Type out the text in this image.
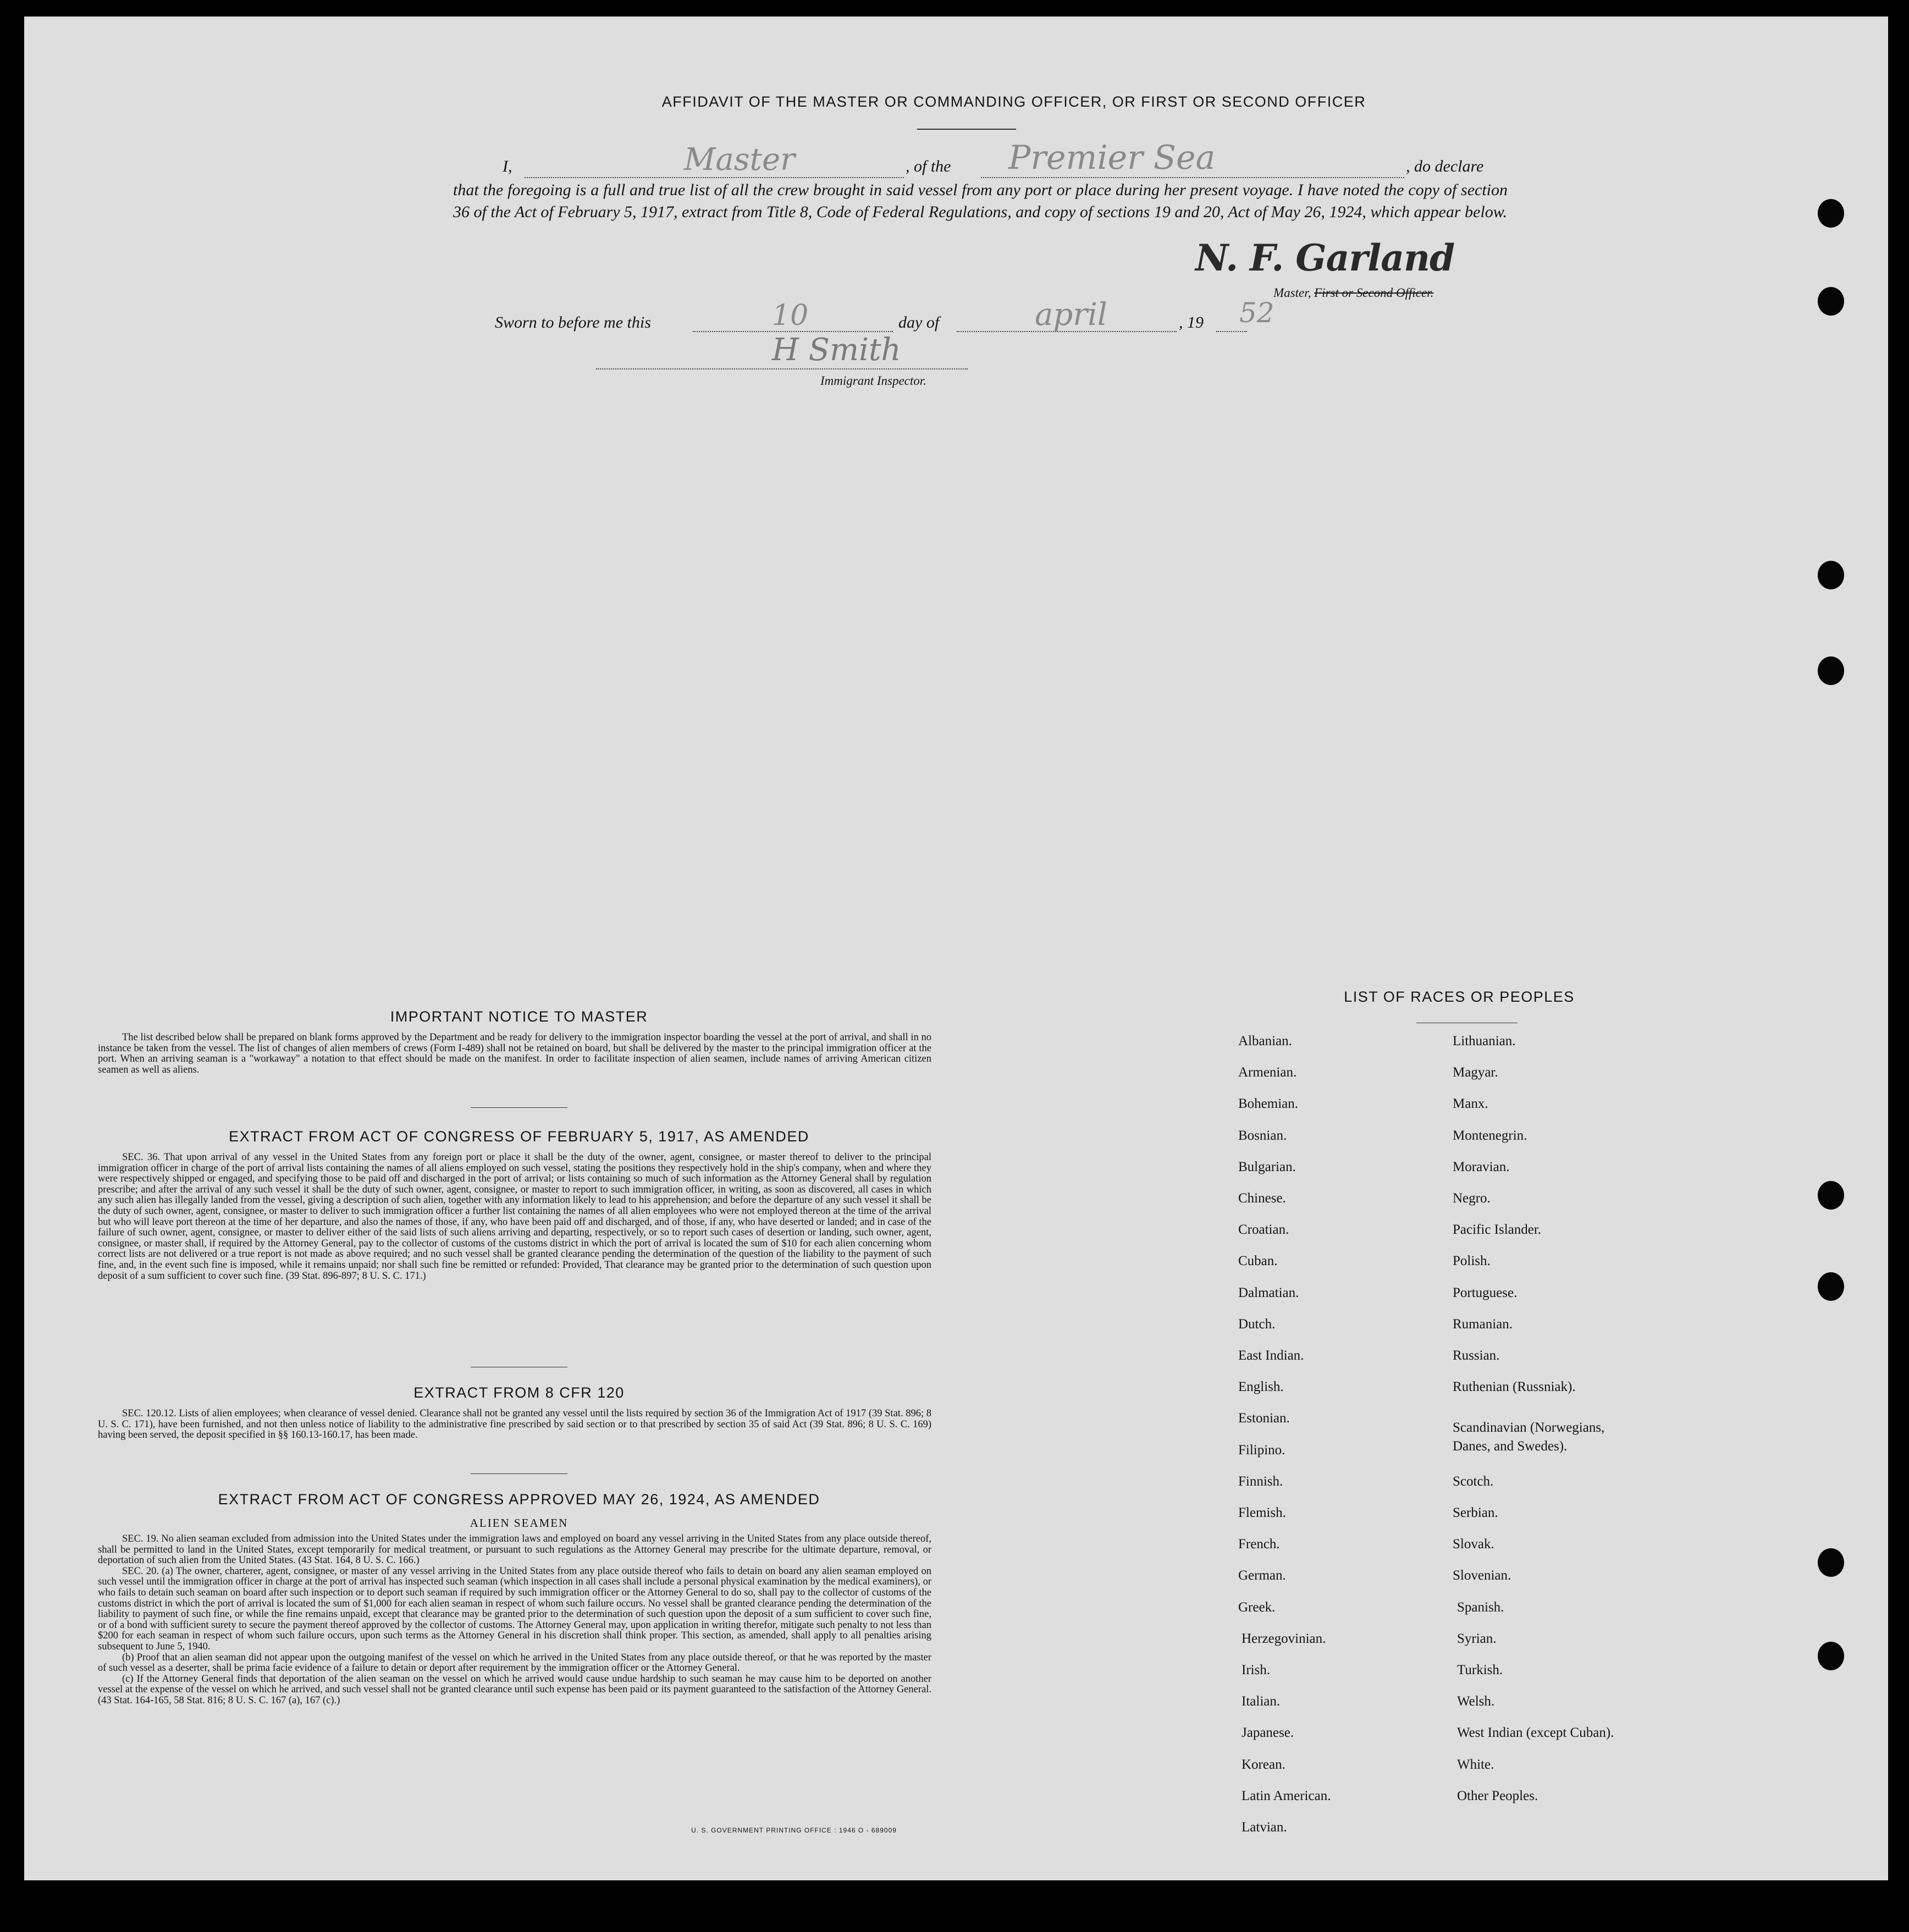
AFFIDAVIT OF THE MASTER OR COMMANDING OFFICER, OR FIRST OR SECOND OFFICER
I,	Master	, of the Premier Sea	, do declare
that the foregoing is a full and true list of all the crew brought in said vessel from any port or place during her present voyage. I have noted the copy of section 36 of the Act of February 5, 1917, extract from Title 8, Code of Federal Regulations, and copy of sections 19 and 20, Act of May 26, 1924, which appear below.
N. F. Garland
Master, First or Second Officer.
Sworn to before me this	10	day of	april	, 19 52
H Smith
Immigrant Inspector.
IMPORTANT NOTICE TO MASTER
The list described below shall be prepared on blank forms approved by the Department and be ready for delivery to the immigration inspector boarding the vessel at the port of arrival, and shall in no instance be taken from the vessel. The list of changes of alien members of crews (Form I-489) shall not be retained on board, but shall be delivered by the master to the principal immigration officer at the port. When an arriving seaman is a "workaway" a notation to that effect should be made on the manifest. In order to facilitate inspection of alien seamen, include names of arriving American citizen seamen as well as aliens.
EXTRACT FROM ACT OF CONGRESS OF FEBRUARY 5, 1917, AS AMENDED
SEC. 36. That upon arrival of any vessel in the United States from any foreign port or place it shall be the duty of the owner, agent, consignee, or master thereof to deliver to the principal immigration officer in charge of the port of arrival lists containing the names of all aliens employed on such vessel, stating the positions they respectively hold in the ship's company, when and where they were respectively shipped or engaged, and specifying those to be paid off and discharged in the port of arrival; or lists containing so much of such information as the Attorney General shall by regulation prescribe; and after the arrival of any such vessel it shall be the duty of such owner, agent, consignee, or master to report to such immigration officer, in writing, as soon as discovered, all cases in which any such alien has illegally landed from the vessel, giving a description of such alien, together with any information likely to lead to his apprehension; and before the departure of any such vessel it shall be the duty of such owner, agent, consignee, or master to deliver to such immigration officer a further list containing the names of all alien employees who were not employed thereon at the time of the arrival but who will leave port thereon at the time of her departure, and also the names of those, if any, who have been paid off and discharged, and of those, if any, who have deserted or landed; and in case of the failure of such owner, agent, consignee, or master to deliver either of the said lists of such aliens arriving and departing, respectively, or so to report such cases of desertion or landing, such owner, agent, consignee, or master shall, if required by the Attorney General, pay to the collector of customs of the customs district in which the port of arrival is located the sum of $10 for each alien concerning whom correct lists are not delivered or a true report is not made as above required; and no such vessel shall be granted clearance pending the determination of the question of the liability to the payment of such fine, and, in the event such fine is imposed, while it remains unpaid; nor shall such fine be remitted or refunded: Provided, That clearance may be granted prior to the determination of such question upon deposit of a sum sufficient to cover such fine. (39 Stat. 896-897; 8 U. S. C. 171.)
EXTRACT FROM 8 CFR 120
SEC. 120.12. Lists of alien employees; when clearance of vessel denied. Clearance shall not be granted any vessel until the lists required by section 36 of the Immigration Act of 1917 (39 Stat. 896; 8 U. S. C. 171), have been furnished, and not then unless notice of liability to the administrative fine prescribed by said section or to that prescribed by section 35 of said Act (39 Stat. 896; 8 U. S. C. 169) having been served, the deposit specified in §§ 160.13-160.17, has been made.
EXTRACT FROM ACT OF CONGRESS APPROVED MAY 26, 1924, AS AMENDED
ALIEN SEAMEN
SEC. 19. No alien seaman excluded from admission into the United States under the immigration laws and employed on board any vessel arriving in the United States from any place outside thereof, shall be permitted to land in the United States, except temporarily for medical treatment, or pursuant to such regulations as the Attorney General may prescribe for the ultimate departure, removal, or deportation of such alien from the United States. (43 Stat. 164, 8 U. S. C. 166.)
SEC. 20. (a) The owner, charterer, agent, consignee, or master of any vessel arriving in the United States from any place outside thereof who fails to detain on board any alien seaman employed on such vessel until the immigration officer in charge at the port of arrival has inspected such seaman (which inspection in all cases shall include a personal physical examination by the medical examiners), or who fails to detain such seaman on board after such inspection or to deport such seaman if required by such immigration officer or the Attorney General to do so, shall pay to the collector of customs of the customs district in which the port of arrival is located the sum of $1,000 for each alien seaman in respect of whom such failure occurs. No vessel shall be granted clearance pending the determination of the liability to payment of such fine, or while the fine remains unpaid, except that clearance may be granted prior to the determination of such question upon the deposit of a sum sufficient to cover such fine, or of a bond with sufficient surety to secure the payment thereof approved by the collector of customs. The Attorney General may, upon application in writing therefor, mitigate such penalty to not less than $200 for each seaman in respect of whom such failure occurs, upon such terms as the Attorney General in his discretion shall think proper. This section, as amended, shall apply to all penalties arising subsequent to June 5, 1940.
(b) Proof that an alien seaman did not appear upon the outgoing manifest of the vessel on which he arrived in the United States from any place outside thereof, or that he was reported by the master of such vessel as a deserter, shall be prima facie evidence of a failure to detain or deport after requirement by the immigration officer or the Attorney General.
(c) If the Attorney General finds that deportation of the alien seaman on the vessel on which he arrived would cause undue hardship to such seaman he may cause him to be deported on another vessel at the expense of the vessel on which he arrived, and such vessel shall not be granted clearance until such expense has been paid or its payment guaranteed to the satisfaction of the Attorney General. (43 Stat. 164-165, 58 Stat. 816; 8 U. S. C. 167 (a), 167 (c).)
U. S. GOVERNMENT PRINTING OFFICE : 1946 O - 689009
LIST OF RACES OR PEOPLES
Albanian.
Armenian.
Bohemian.
Bosnian.
Bulgarian.
Chinese.
Croatian.
Cuban.
Dalmatian.
Dutch.
East Indian.
English.
Estonian.
Filipino.
Finnish.
Flemish.
French.
German.
Greek.
Herzegovinian.
Irish.
Italian.
Japanese.
Korean.
Latin American.
Latvian.
Lithuanian.
Magyar.
Manx.
Montenegrin.
Moravian.
Negro.
Pacific Islander.
Polish.
Portuguese.
Rumanian.
Russian.
Ruthenian (Russniak).
Scandinavian (Norwegians,
Danes, and Swedes).
Scotch.
Serbian.
Slovak.
Slovenian.
Spanish.
Syrian.
Turkish.
Welsh.
West Indian (except Cuban).
White.
Other Peoples.
